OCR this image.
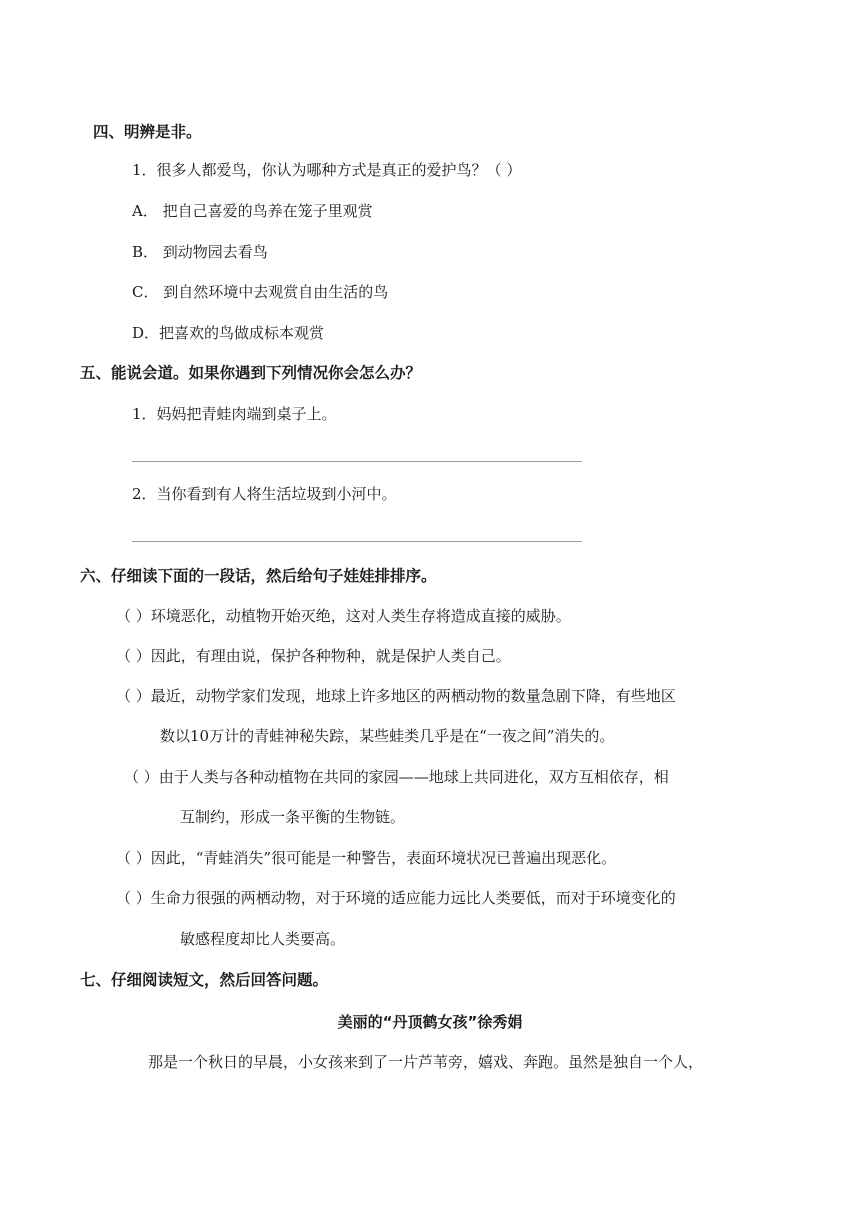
四、明辨是非。
1．很多人都爱鸟，你认为哪种方式是真正的爱护鸟？（ ）
A． 把自己喜爱的鸟养在笼子里观赏
B． 到动物园去看鸟
C． 到自然环境中去观赏自由生活的鸟
D．把喜欢的鸟做成标本观赏
五、能说会道。如果你遇到下列情况你会怎么办？
1．妈妈把青蛙肉端到桌子上。
2．当你看到有人将生活垃圾到小河中。
六、仔细读下面的一段话，然后给句子娃娃排排序。
（ ）环境恶化，动植物开始灭绝，这对人类生存将造成直接的威胁。
（ ）因此，有理由说，保护各种物种，就是保护人类自己。
（ ）最近，动物学家们发现，地球上许多地区的两栖动物的数量急剧下降，有些地区
数以10万计的青蛙神秘失踪，某些蛙类几乎是在“一夜之间”消失的。
（ ）由于人类与各种动植物在共同的家园——地球上共同进化，双方互相依存，相
互制约，形成一条平衡的生物链。
（ ）因此，“青蛙消失”很可能是一种警告，表面环境状况已普遍出现恶化。
（ ）生命力很强的两栖动物，对于环境的适应能力远比人类要低，而对于环境变化的
敏感程度却比人类要高。
七、仔细阅读短文，然后回答问题。
美丽的“丹顶鹤女孩”徐秀娟
那是一个秋日的早晨，小女孩来到了一片芦苇旁，嬉戏、奔跑。虽然是独自一个人，
